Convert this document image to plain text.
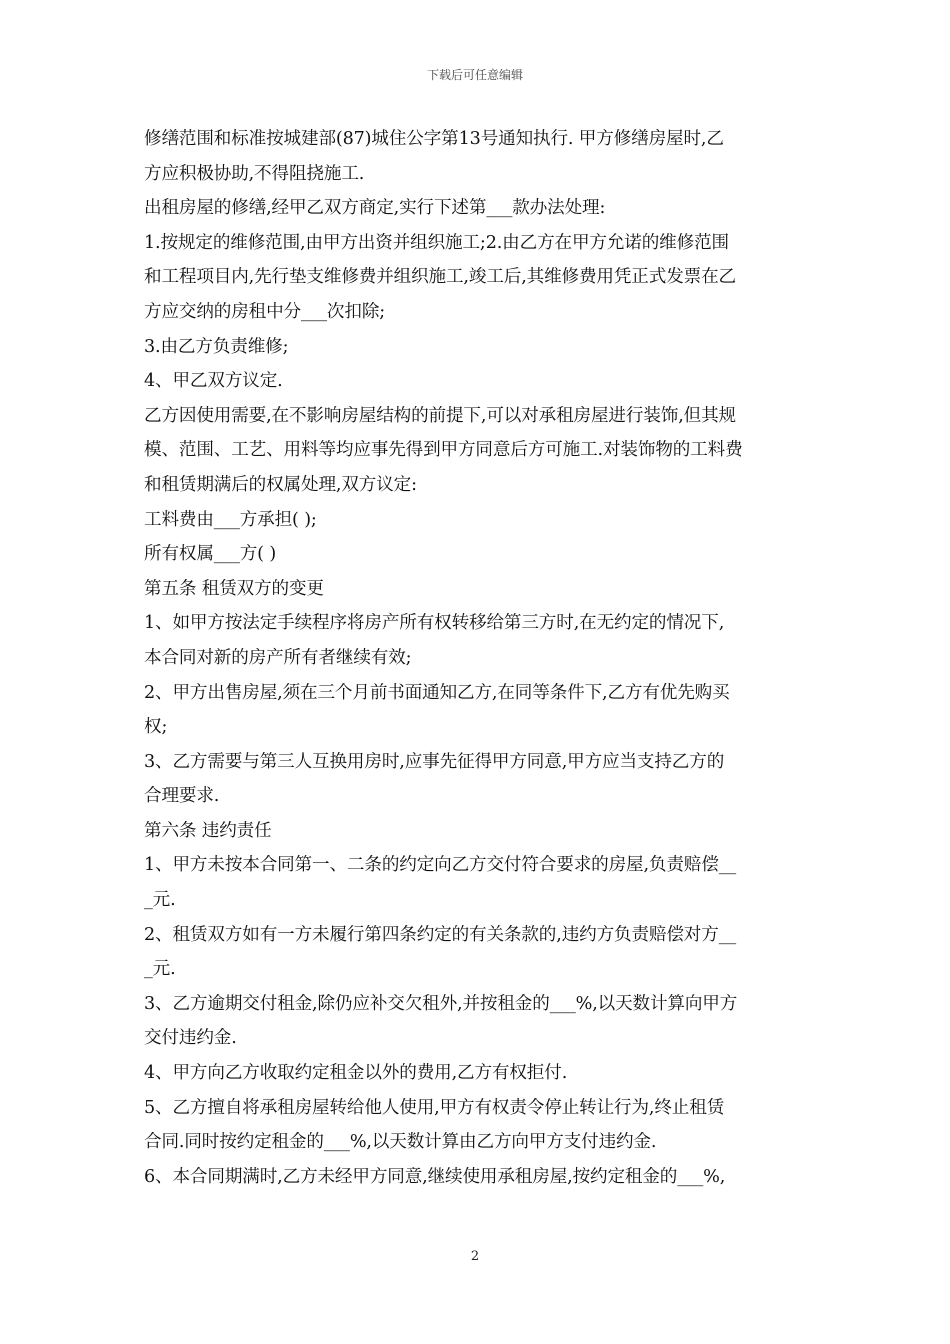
下载后可任意编辑
修缮范围和标准按城建部(87)城住公字第13号通知执行. 甲方修缮房屋时,乙
方应积极协助,不得阻挠施工.
出租房屋的修缮,经甲乙双方商定,实行下述第___款办法处理:
1.按规定的维修范围,由甲方出资并组织施工;2.由乙方在甲方允诺的维修范围
和工程项目内,先行垫支维修费并组织施工,竣工后,其维修费用凭正式发票在乙
方应交纳的房租中分___次扣除;
3.由乙方负责维修;
4、甲乙双方议定.
乙方因使用需要,在不影响房屋结构的前提下,可以对承租房屋进行装饰,但其规
模、范围、工艺、用料等均应事先得到甲方同意后方可施工.对装饰物的工料费
和租赁期满后的权属处理,双方议定:
工料费由___方承担( );
所有权属___方( )
第五条 租赁双方的变更
1、如甲方按法定手续程序将房产所有权转移给第三方时,在无约定的情况下,
本合同对新的房产所有者继续有效;
2、甲方出售房屋,须在三个月前书面通知乙方,在同等条件下,乙方有优先购买
权;
3、乙方需要与第三人互换用房时,应事先征得甲方同意,甲方应当支持乙方的
合理要求.
第六条 违约责任
1、甲方未按本合同第一、二条的约定向乙方交付符合要求的房屋,负责赔偿__
_元.
2、租赁双方如有一方未履行第四条约定的有关条款的,违约方负责赔偿对方__
_元.
3、乙方逾期交付租金,除仍应补交欠租外,并按租金的___%,以天数计算向甲方
交付违约金.
4、甲方向乙方收取约定租金以外的费用,乙方有权拒付.
5、乙方擅自将承租房屋转给他人使用,甲方有权责令停止转让行为,终止租赁
合同.同时按约定租金的___%,以天数计算由乙方向甲方支付违约金.
6、本合同期满时,乙方未经甲方同意,继续使用承租房屋,按约定租金的___%,
2
